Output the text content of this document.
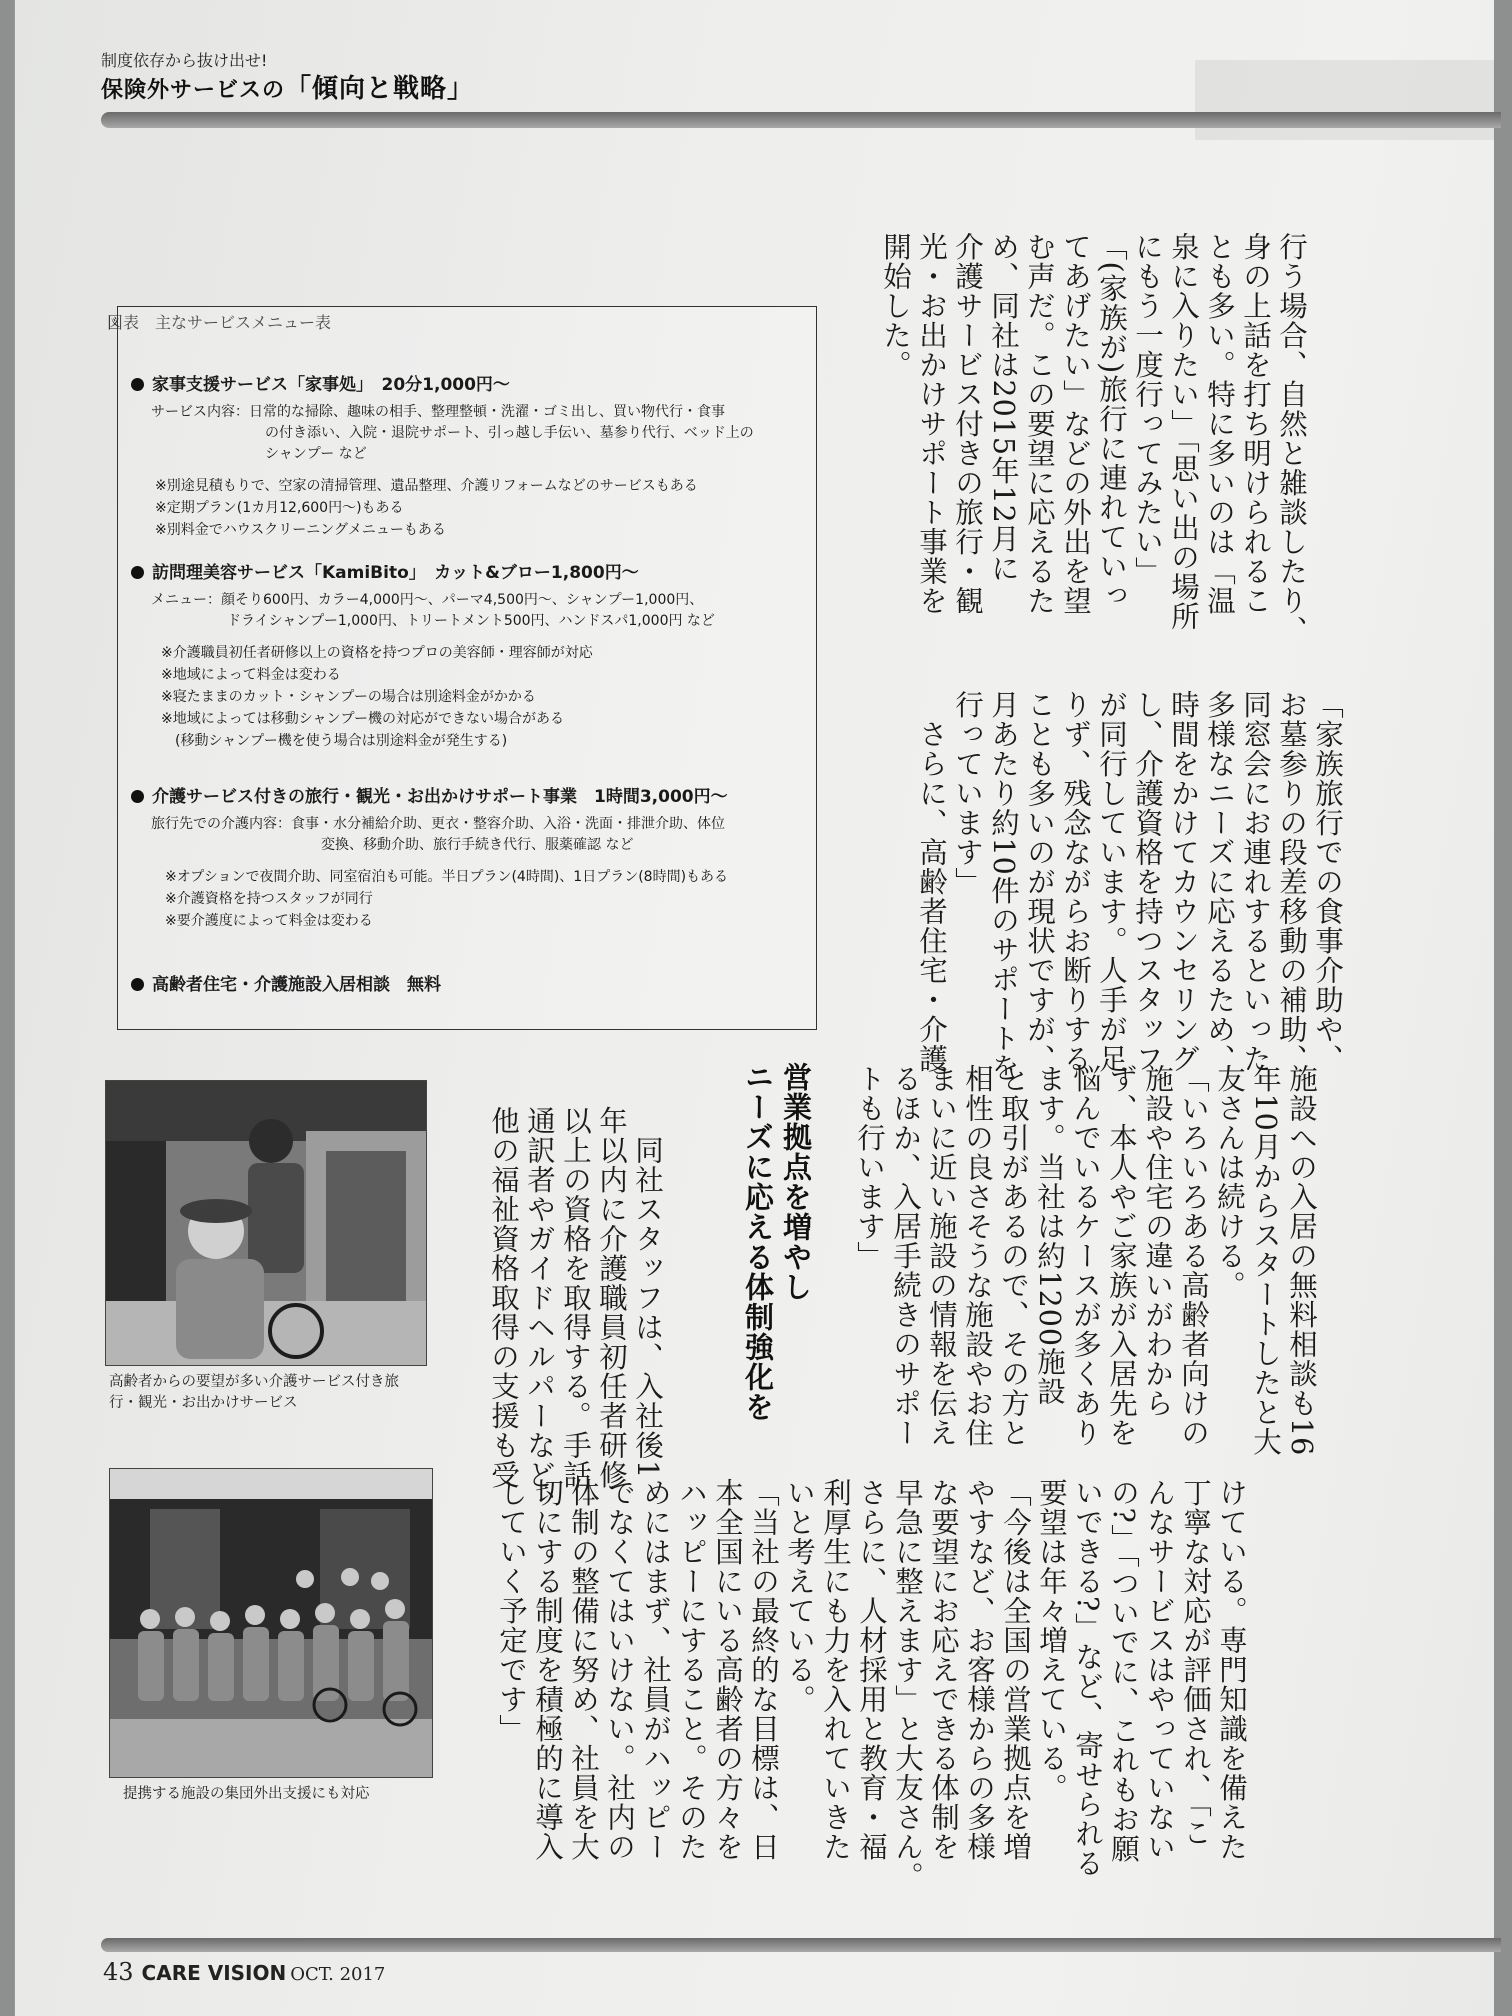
制度依存から抜け出せ!
保険外サービスの「傾向と戦略」
行う場合、自然と雑談したり、
身の上話を打ち明けられるこ
とも多い。特に多いのは「温
泉に入りたい」「思い出の場所
にもう一度行ってみたい」
「(家族が)旅行に連れていっ
てあげたい」などの外出を望
む声だ。この要望に応えるた
め、同社は2015年12月に
介護サービス付きの旅行・観
光・お出かけサポート事業を
開始した。
「家族旅行での食事介助や、
お墓参りの段差移動の補助、
同窓会にお連れするといった
多様なニーズに応えるため、
時間をかけてカウンセリング
し、介護資格を持つスタッフ
が同行しています。人手が足
りず、残念ながらお断りする
ことも多いのが現状ですが、
月あたり約10件のサポートを
行っています」
　さらに、高齢者住宅・介護
施設への入居の無料相談も16
年10月からスタートしたと大
友さんは続ける。
「いろいろある高齢者向けの
施設や住宅の違いがわから
ず、本人やご家族が入居先を
悩んでいるケースが多くあり
ます。当社は約1200施設
と取引があるので、その方と
相性の良さそうな施設やお住
まいに近い施設の情報を伝え
るほか、入居手続きのサポー
トも行います」
けている。専門知識を備えた
丁寧な対応が評価され、「こ
んなサービスはやっていない
の?」「ついでに、これもお願
いできる?」など、寄せられる
要望は年々増えている。
「今後は全国の営業拠点を増
やすなど、お客様からの多様
な要望にお応えできる体制を
早急に整えます」と大友さん。
さらに、人材採用と教育・福
利厚生にも力を入れていきた
いと考えている。
「当社の最終的な目標は、日
本全国にいる高齢者の方々を
ハッピーにすること。そのた
めにはまず、社員がハッピー
でなくてはいけない。社内の
体制の整備に努め、社員を大
切にする制度を積極的に導入
していく予定です」
営業拠点を増やし
ニーズに応える体制強化を
　同社スタッフは、入社後1
年以内に介護職員初任者研修
以上の資格を取得する。手話
通訳者やガイドヘルパーなど、
他の福祉資格取得の支援も受
図表　主なサービスメニュー表
家事支援サービス「家事処」　20分1,000円〜
サービス内容：日常的な掃除、趣味の相手、整理整頓・洗濯・ゴミ出し、買い物代行・食事
の付き添い、入院・退院サポート、引っ越し手伝い、墓参り代行、ベッド上の
シャンプー など
※別途見積もりで、空家の清掃管理、遺品整理、介護リフォームなどのサービスもある
※定期プラン(1カ月12,600円〜)もある
※別料金でハウスクリーニングメニューもある
訪問理美容サービス「KamiBito」　カット&ブロー1,800円〜
メニュー：顔そり600円、カラー4,000円〜、パーマ4,500円〜、シャンプー1,000円、
ドライシャンプー1,000円、トリートメント500円、ハンドスパ1,000円 など
※介護職員初任者研修以上の資格を持つプロの美容師・理容師が対応
※地域によって料金は変わる
※寝たままのカット・シャンプーの場合は別途料金がかかる
※地域によっては移動シャンプー機の対応ができない場合がある
(移動シャンプー機を使う場合は別途料金が発生する)
介護サービス付きの旅行・観光・お出かけサポート事業　1時間3,000円〜
旅行先での介護内容：食事・水分補給介助、更衣・整容介助、入浴・洗面・排泄介助、体位
変換、移動介助、旅行手続き代行、服薬確認 など
※オプションで夜間介助、同室宿泊も可能。半日プラン(4時間)、1日プラン(8時間)もある
※介護資格を持つスタッフが同行
※要介護度によって料金は変わる
高齢者住宅・介護施設入居相談　無料
高齢者からの要望が多い介護サービス付き旅
行・観光・お出かけサービス
提携する施設の集団外出支援にも対応
43 CARE VISION OCT. 2017
